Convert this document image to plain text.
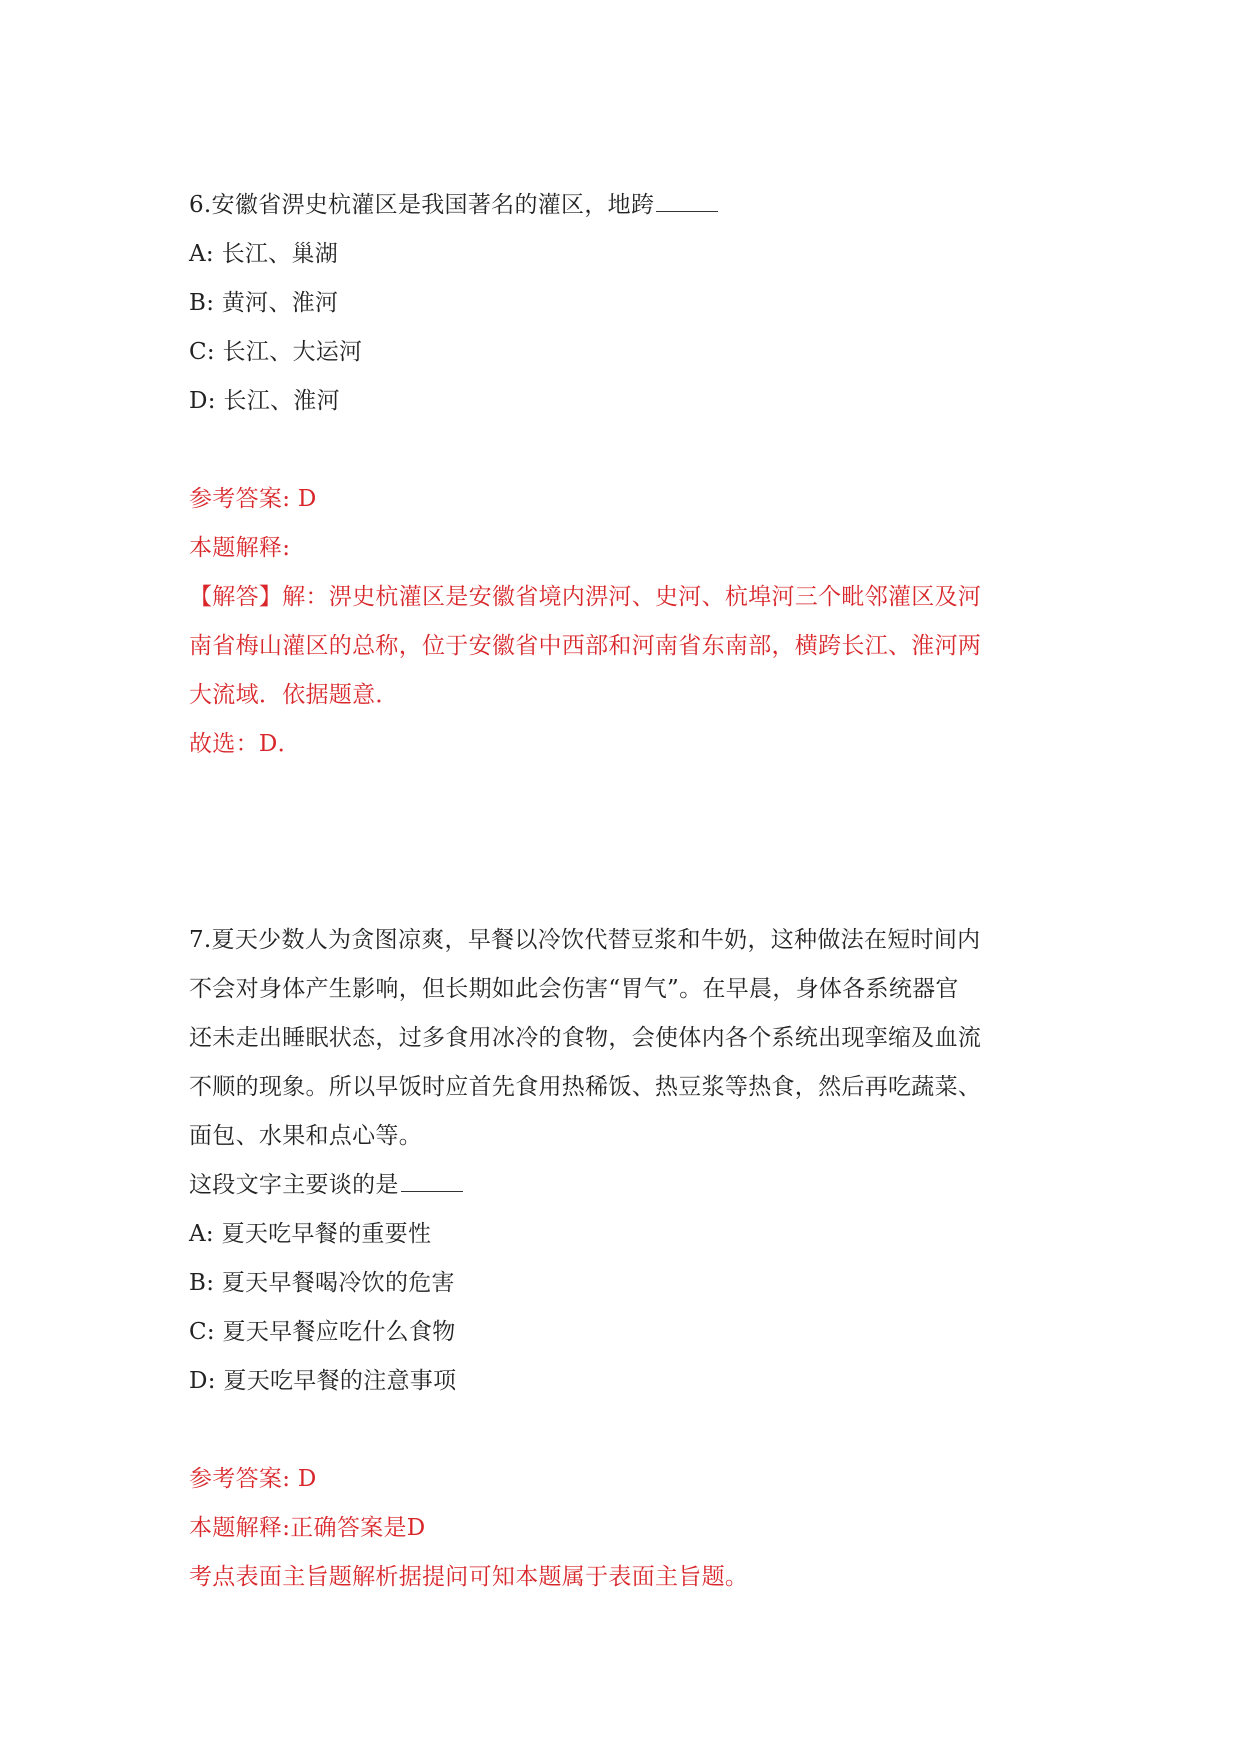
6.安徽省淠史杭灌区是我国著名的灌区，地跨
A: 长江、巢湖
B: 黄河、淮河
C: 长江、大运河
D: 长江、淮河
参考答案: D
本题解释:
【解答】解：淠史杭灌区是安徽省境内淠河、史河、杭埠河三个毗邻灌区及河
南省梅山灌区的总称，位于安徽省中西部和河南省东南部，横跨长江、淮河两
大流域．依据题意．
故选：D．
7.夏天少数人为贪图凉爽，早餐以冷饮代替豆浆和牛奶，这种做法在短时间内
不会对身体产生影响，但长期如此会伤害“胃气”。在早晨，身体各系统器官
还未走出睡眠状态，过多食用冰冷的食物，会使体内各个系统出现挛缩及血流
不顺的现象。所以早饭时应首先食用热稀饭、热豆浆等热食，然后再吃蔬菜、
面包、水果和点心等。
这段文字主要谈的是
A: 夏天吃早餐的重要性
B: 夏天早餐喝冷饮的危害
C: 夏天早餐应吃什么食物
D: 夏天吃早餐的注意事项
参考答案: D
本题解释:正确答案是D
考点表面主旨题解析据提问可知本题属于表面主旨题。
